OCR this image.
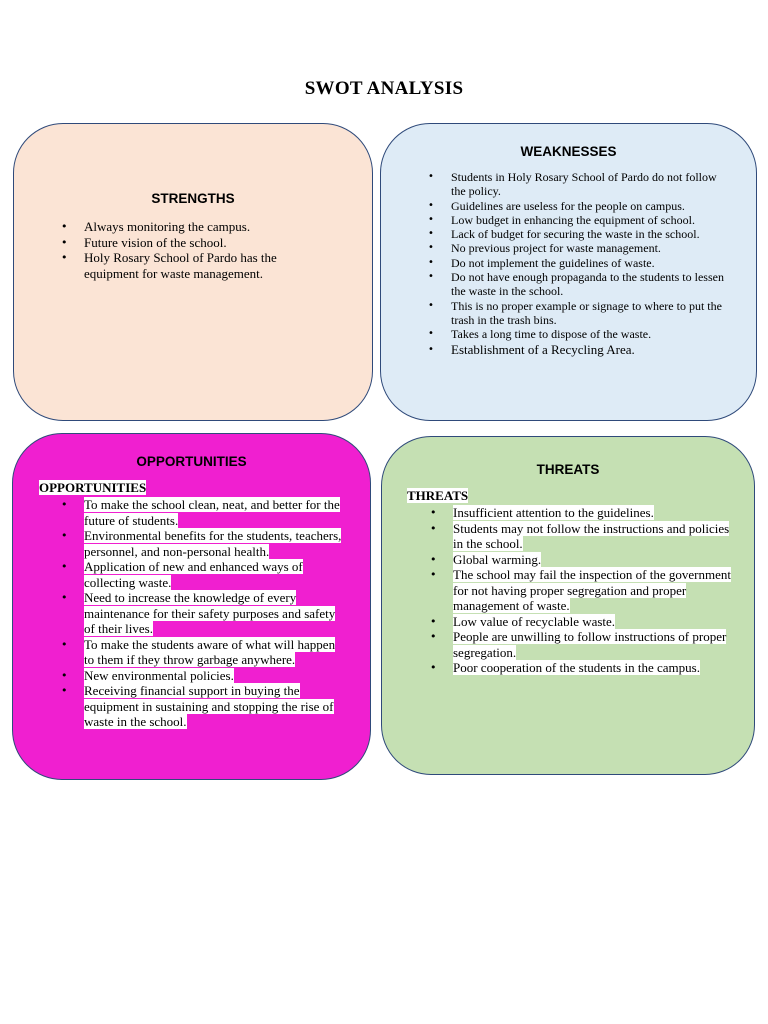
SWOT ANALYSIS
STRENGTHS
• Always monitoring the campus.
• Future vision of the school.
• Holy Rosary School of Pardo has the equipment for waste management.
WEAKNESSES
• Students in Holy Rosary School of Pardo do not follow the policy.
• Guidelines are useless for the people on campus.
• Low budget in enhancing the equipment of school.
• Lack of budget for securing the waste in the school.
• No previous project for waste management.
• Do not implement the guidelines of waste.
• Do not have enough propaganda to the students to lessen the waste in the school.
• This is no proper example or signage to where to put the trash in the trash bins.
• Takes a long time to dispose of the waste.
• Establishment of a Recycling Area.
OPPORTUNITIES
OPPORTUNITIES
• To make the school clean, neat, and better for the future of students.
• Environmental benefits for the students, teachers, personnel, and non-personal health.
• Application of new and enhanced ways of collecting waste.
• Need to increase the knowledge of every maintenance for their safety purposes and safety of their lives.
• To make the students aware of what will happen to them if they throw garbage anywhere.
• New environmental policies.
• Receiving financial support in buying the equipment in sustaining and stopping the rise of waste in the school.
THREATS
THREATS
• Insufficient attention to the guidelines.
• Students may not follow the instructions and policies in the school.
• Global warming.
• The school may fail the inspection of the government for not having proper segregation and proper management of waste.
• Low value of recyclable waste.
• People are unwilling to follow instructions of proper segregation.
• Poor cooperation of the students in the campus.
